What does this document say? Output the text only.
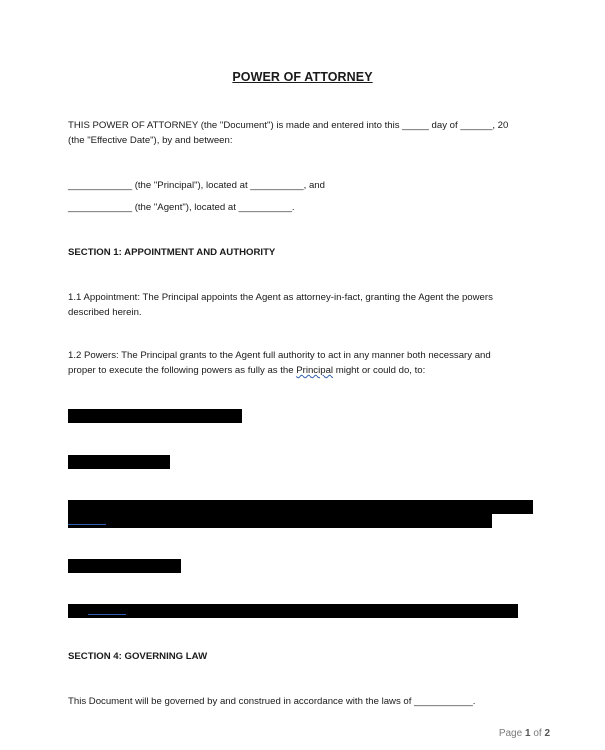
POWER OF ATTORNEY
THIS POWER OF ATTORNEY (the "Document") is made and entered into this _____ day of ______, 20
(the "Effective Date"), by and between:
____________ (the "Principal"), located at __________, and
____________ (the "Agent"), located at __________.
SECTION 1: APPOINTMENT AND AUTHORITY
1.1 Appointment: The Principal appoints the Agent as attorney-in-fact, granting the Agent the powers
described herein.
1.2 Powers: The Principal grants to the Agent full authority to act in any manner both necessary and
proper to execute the following powers as fully as the Principal might or could do, to:
SECTION 4: GOVERNING LAW
This Document will be governed by and construed in accordance with the laws of ___________.
Page 1 of 2
